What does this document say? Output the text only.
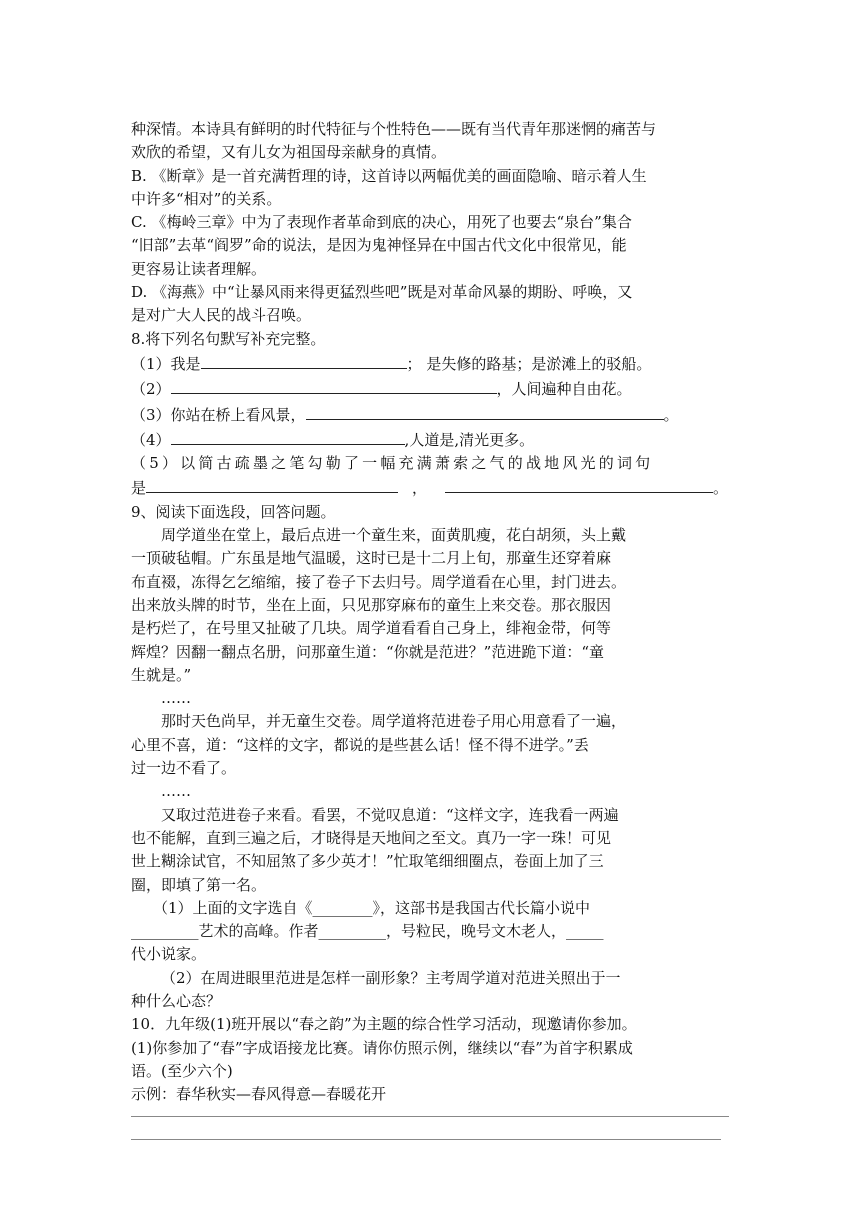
种深情。本诗具有鲜明的时代特征与个性特色——既有当代青年那迷惘的痛苦与
欢欣的希望，又有儿女为祖国母亲献身的真情。
B. 《断章》是一首充满哲理的诗，这首诗以两幅优美的画面隐喻、暗示着人生
中许多“相对”的关系。
C. 《梅岭三章》中为了表现作者革命到底的决心，用死了也要去“泉台”集合
“旧部”去革“阎罗”命的说法，是因为鬼神怪异在中国古代文化中很常见，能
更容易让读者理解。
D. 《海燕》中“让暴风雨来得更猛烈些吧”既是对革命风暴的期盼、呼唤，又
是对广大人民的战斗召唤。
8.将下列名句默写补充完整。
（1）我是	； 是失修的路基；是淤滩上的驳船。
（2）	，人间遍种自由花。
（3）你站在桥上看风景，	。
（4）	,人道是,清光更多。
（5）以简古疏墨之笔勾勒了一幅充满萧索之气的战地风光的词句
是	，	。
9、阅读下面选段，回答问题。
周学道坐在堂上，最后点进一个童生来，面黄肌瘦，花白胡须，头上戴
一顶破毡帽。广东虽是地气温暖，这时已是十二月上旬，那童生还穿着麻
布直裰，冻得乞乞缩缩，接了卷子下去归号。周学道看在心里，封门进去。
出来放头牌的时节，坐在上面，只见那穿麻布的童生上来交卷。那衣服因
是朽烂了，在号里又扯破了几块。周学道看看自己身上，绯袍金带，何等
辉煌？因翻一翻点名册，问那童生道：“你就是范进？”范进跪下道：“童
生就是。”
……
那时天色尚早，并无童生交卷。周学道将范进卷子用心用意看了一遍，
心里不喜，道：“这样的文字，都说的是些甚么话！怪不得不进学。”丢
过一边不看了。
……
又取过范进卷子来看。看罢，不觉叹息道：“这样文字，连我看一两遍
也不能解，直到三遍之后，才晓得是天地间之至文。真乃一字一珠！可见
世上糊涂试官，不知屈煞了多少英才！”忙取笔细细圈点，卷面上加了三
圈，即填了第一名。
（1）上面的文字选自《________》，这部书是我国古代长篇小说中
_________艺术的高峰。作者_________，号粒民，晚号文木老人，_____
代小说家。
（2）在周进眼里范进是怎样一副形象？主考周学道对范进关照出于一
种什么心态？
10．九年级(1)班开展以“春之韵”为主题的综合性学习活动，现邀请你参加。
(1)你参加了“春”字成语接龙比赛。请你仿照示例，继续以“春”为首字积累成
语。(至少六个)
示例：春华秋实—春风得意—春暖花开
